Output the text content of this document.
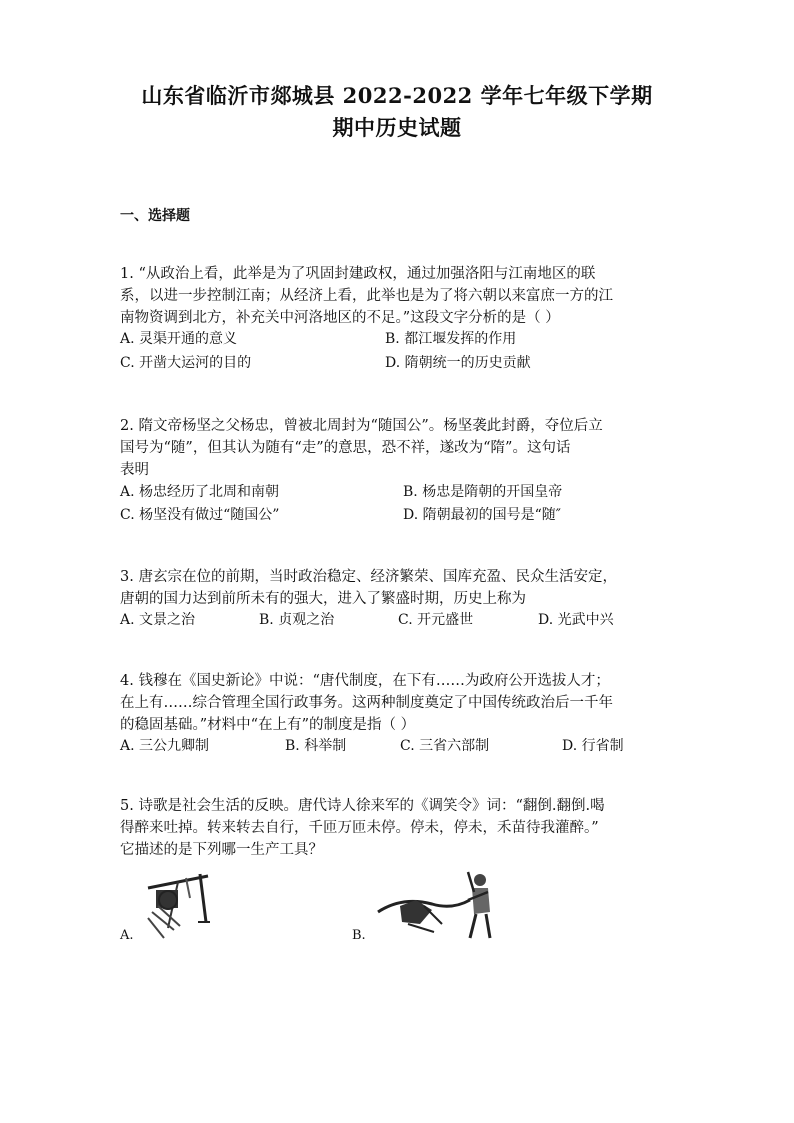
山东省临沂市郯城县 2022-2022 学年七年级下学期
期中历史试题
一、选择题

1. “从政治上看，此举是为了巩固封建政权，通过加强洛阳与江南地区的联

系，以进一步控制江南；从经济上看，此举也是为了将六朝以来富庶一方的江

南物资调到北方，补充关中河洛地区的不足。”这段文字分析的是（ ）

A. 灵渠开通的意义	B. 都江堰发挥的作用
C. 开凿大运河的目的	D. 隋朝统一的历史贡献

2. 隋文帝杨坚之父杨忠，曾被北周封为“随国公”。杨坚袭此封爵，夺位后立

国号为“随”，但其认为随有“走”的意思，恐不祥，遂改为“隋”。这句话

表明

A. 杨忠经历了北周和南朝	B. 杨忠是隋朝的开国皇帝
C. 杨坚没有做过“随国公”	D. 隋朝最初的国号是“随″

3. 唐玄宗在位的前期，当时政治稳定、经济繁荣、国库充盈、民众生活安定，

唐朝的国力达到前所未有的强大，进入了繁盛时期，历史上称为

A. 文景之治	B. 贞观之治	C. 开元盛世	D. 光武中兴

4. 钱穆在《国史新论》中说：“唐代制度，在下有……为政府公开选拔人才；

在上有……综合管理全国行政事务。这两种制度奠定了中国传统政治后一千年

的稳固基础。”材料中“在上有”的制度是指（ ）

A. 三公九卿制	B. 科举制	C. 三省六部制	D. 行省制

5. 诗歌是社会生活的反映。唐代诗人徐来军的《调笑令》词：“翻倒.翻倒.喝

得醉来吐掉。转来转去自行，千匝万匝未停。停未，停未，禾苗待我灌醉。”

它描述的是下列哪一生产工具？

A.	B.
